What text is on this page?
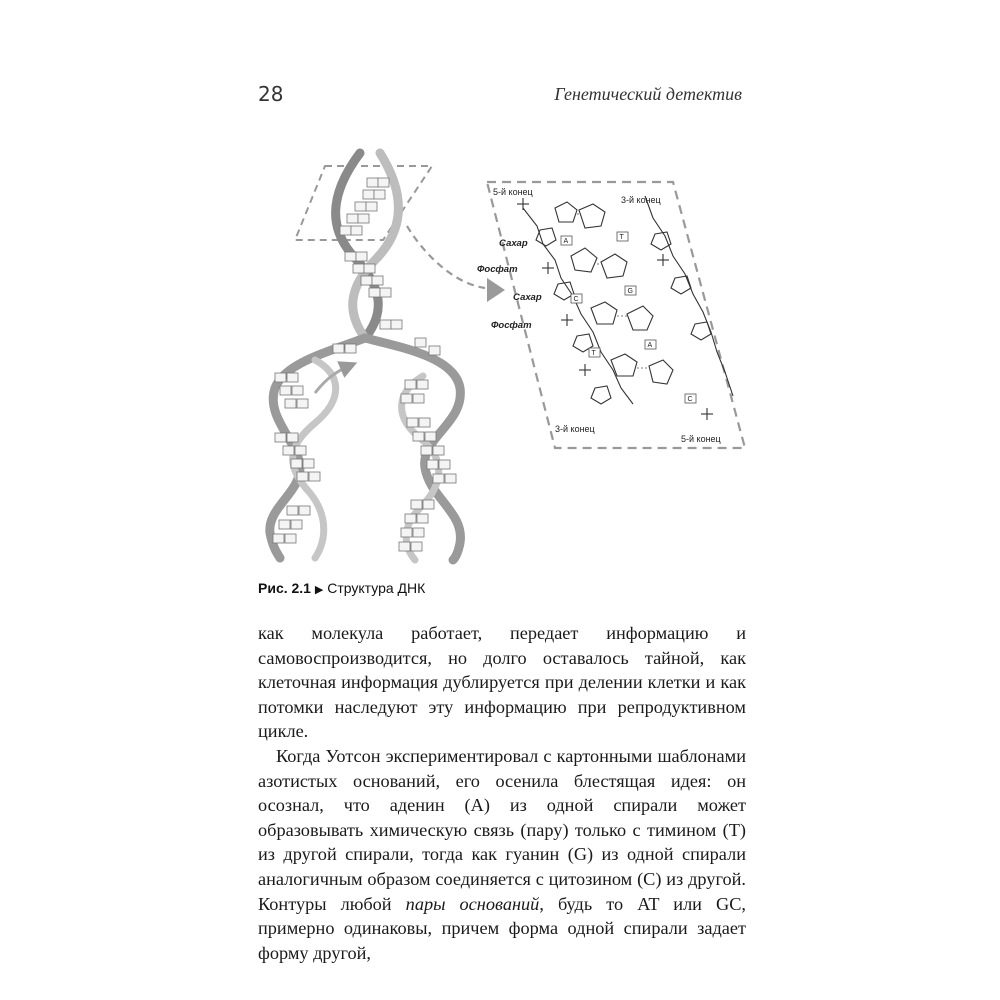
28	Генетический детектив
A
T
C
G
T
A
C
5-й конец
3-й конец
Сахар
Фосфат
Сахар
Фосфат
3-й конец
5-й конец
Рис. 2.1 ▶ Структура ДНК

как молекула работает, передает информацию и самовоспроизводится, но долго оставалось тайной, как клеточная информация дублируется при делении клетки и как потомки наследуют эту информацию при репродуктивном цикле.

Когда Уотсон экспериментировал с картонными шаблонами азотистых оснований, его осенила блестящая идея: он осознал, что аденин (A) из одной спирали может образовывать химическую связь (пару) только с тимином (T) из другой спирали, тогда как гуанин (G) из одной спирали аналогичным образом соединяется с цитозином (C) из другой. Контуры любой пары оснований, будь то AT или GC, примерно одинаковы, причем форма одной спирали задает форму другой,
